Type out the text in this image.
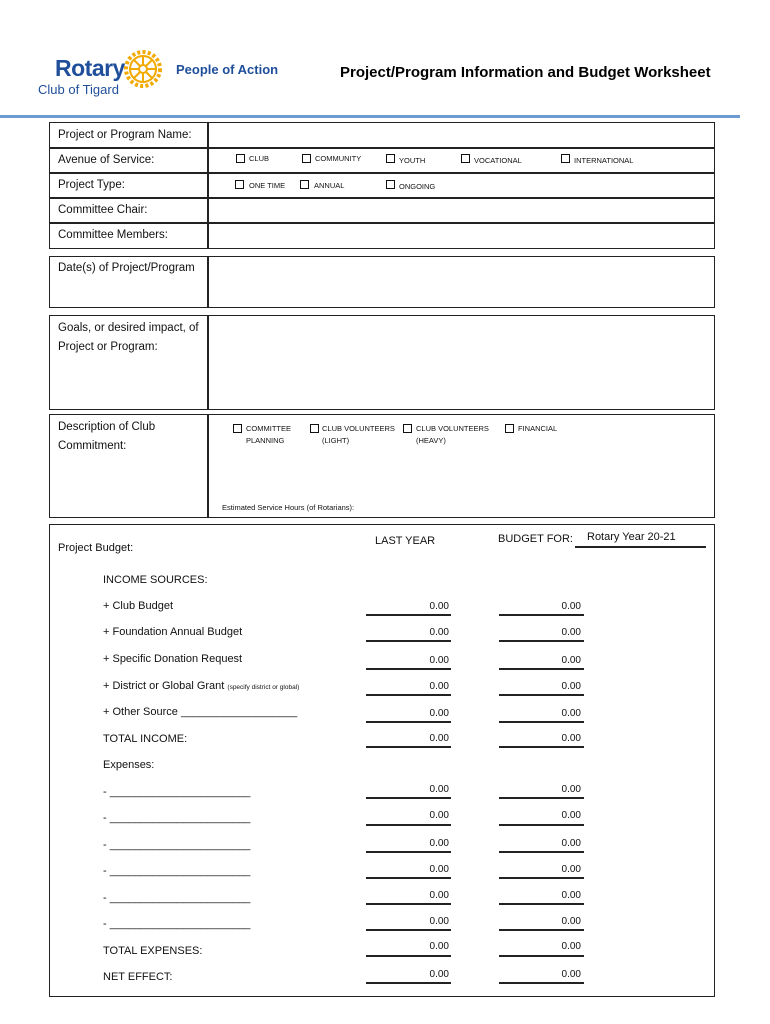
Rotary
Club of Tigard
People of Action	Project/Program Information and Budget Worksheet
Project or Program Name:
Avenue of Service:	CLUB	COMMUNITY	YOUTH	VOCATIONAL	INTERNATIONAL
Project Type:	ONE TIME	ANNUAL	ONGOING
Committee Chair:
Committee Members:
Date(s) of Project/Program
Goals, or desired impact, of Project or Program:
Description of Club Commitment:
COMMITTEE
PLANNING
CLUB VOLUNTEERS
(LIGHT)
CLUB VOLUNTEERS
(HEAVY)
FINANCIAL
Estimated Service Hours (of Rotarians):
Project Budget:
LAST YEAR	BUDGET FOR: Rotary Year 20-21
INCOME SOURCES:
+ Club Budget	0.00	0.00
+ Foundation Annual Budget	0.00	0.00
+ Specific Donation Request	0.00	0.00
+ District or Global Grant (specify district or global)	0.00	0.00
+ Other Source ___________________	0.00	0.00
TOTAL INCOME:	0.00	0.00
Expenses:
- _______________________	0.00	0.00
- _______________________	0.00	0.00
- _______________________	0.00	0.00
- _______________________	0.00	0.00
- _______________________	0.00	0.00
- _______________________	0.00	0.00
TOTAL EXPENSES:	0.00	0.00
NET EFFECT:	0.00	0.00
